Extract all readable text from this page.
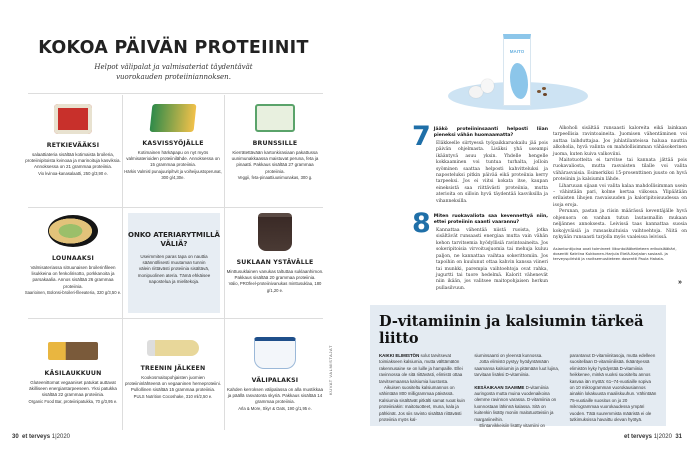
KOKOA PÄIVÄN PROTEIINIT
Helpot välipalat ja valmisateriat täydentävät
vuorokauden proteiiniannoksen.
RETKIEVÄÄKSI

salaattiateria sisältää kotimaista broileria, proteiinipitoista kvinoaa ja marinoituja kasviksia. Annoksessa on 21 grammaa proteiinia.

Vio kvinoa-kanasalaatti, 250 g/3,90 e.

KASVISSYÖJÄLLE

Kotimainen härkäpapu on nyt myös valmisaterioiden proteiinilähde. Annoksessa on 15 grammaa proteiinia.

Härkis Valmisl punajuuripihvit ja voiheijuustoperunat, 300 g/4,30e.

BRUNSSILLE

Kierrätettävään kartonkirasiaan pakattussa uunimunakkaassa maistuvat peruna, feta ja pinaatti. Pakkaus sisältää 27 grammaa proteiinia.

Veggii, feta-pinaattiuunimunakas, 300 g.

LOUNAAKSI

Valmisateriassa sitruunaisen broilerinfileen lisukkeina on fenkolirisotto, porkkanoita ja parsakaalia. Annos sisältää 26 grammaa proteiinia.

Saarioinen, Bolonsi-broileri-fileeateria, 320 g/3,50 e.

ONKO ATERIARYTMILLÄ VÄLIÄ?

Useimmiten paras tapa on nauttia säännöllisesti muutaman tunnin välein riittävästi proteiinia sisältävä, monipuolinen ateria. Tämä ehkäisee napostelua ja mielitekoja.

SUKLAAN YSTÄVÄLLE

Minttusuklainen vanukas taltuttaa suklaanhimon. Pakkaus sisältää 20 grammaa proteiinia.

Valio, PROfeel-proteiinivanukas minttusuklaa, 180 g/1,20 e.

KÄSILAUKKUUN

Gluteenittomat vegaaniset patukat auttavat äkilliseen energiantarpeeseen. Yksi patukka sisältää 22 grammaa proteiinia.

Organic Food Bar, proteiinipatukka, 70 g/3,95 e.

TREENIN JÄLKEEN

Kookosmaitopohjaisten juomien proteiininlähteenä on vegaaninen herneproteiini. Pullollinen sisältää 15 grammaa proteiinia.

PULS Nutrition Cocoshake, 310 ml/2,50 e.

VÄLIPALAKSI

Kahden kerroksen välipalassa on alla mustikkaa ja päällä rasvatonta skyriä. Pakkaus sisältää 14 grammaa proteiinia.

Arla & More, Skyr & Oats, 190 g/1,95 e.

KUVAT VALMISTAJAT
30 et terveys 1|2020
MAITO
7 Jääkö proteiininsaanti helposti liian pieneksi vähän huomaamatta?
Eläkkeelle siirtyessä työpaikkaruokailu jää pois päivän ohjelmasta. Lisäksi yhä useampi ikääntyvä asuu yksin. Yhdelle hengelle kokkaaminen voi tuntua turhalta, jolloin syöminen saattaa helposti kahvitteluksi ja naposteluksi pitkin päivää eikä proteiinia kerry tarpeeksi. Jos ei viitsi kokata itse, kaupan eineksistä saa riittävästi proteiinia, mutta aterioita on silloin hyvä täydentää kasviksilla ja vihanneksilla.
8 Miten ruokavaliota saa kevennettyä niin, ettei proteiinin saanti vaarannu?
Kannattaa vähentää niistä ruoista, jotka sisältävät runsaasti energiaa mutta vain vähän kehon tarvitsemia hyödyllisiä ravintoaineita. Jos sokeripitoisia virvoitusjuomia tai mehuja kuluu paljon, ne kannattaa vaihtaa sokerittomiin. Jos tapoihin on kuulunut ottaa kahvin kanssa viineri tai munkki, parempia vaihtoehtoja ovat rahka, jugurtti tai tuore hedelmä. Kalorit vähenevät niin ikään, jos valitsee maitopohjaisen herkun pullasilvuun.

Alkoholi sisältää runsaasti kaloreita eikä lainkaan tarpeellisia ravintoaineita. Juomisen vähentäminen voi auttaa laihduttajaa. Jos juhlatilanteissa haluaa nauttia alkoholia, hyvä valinta on mahdollisimman vähäsokerinen juoma, kuten kuiva valkoviini.

Maitotuotteita ei tarvitse tai kannata jättää pois ruokavaliosta, mutta rasvaisten tilalle voi valita vähärasvaisia. Esimerkiksi 15-prosenttinen juusto on hyvä proteiinin ja kalsiumin lähde.

Liharuuan sijaan voi valita kalaa mahdollisimman usein – vähintään pari, kolme kertaa viikossa. Ylipäätään erilaisten lihojen rasvaisuuden ja kaloripitoisuudessa on isoja eroja.

Perunan, pastan ja riisin määrässä keventäjälle hyvä ohjenuora on vanhan tutun lautasmallin mukaan neljännes annoksesta. Leivissä taas kannattaa suosia kokojyväisiä ja runsaskuituisia vaihtoehtoja. Niitä on nykyään runsaasti tarjolla myös vaaleissa leivissä.

Asiantuntijoina ovat toimineet liikuntolääketieteen erikoislääkäri, dosentti Katriina Kukkonen-Harjula Etelä-Karjalan sosiaali- ja terveyspiiristä ja ravitsemustieteen dosentti Paula Hakala.
»
D-vitamiinin ja kalsiumin tärkeä liitto

KAIKKI ELIMISTÖN solut tarvitsevat toimiakseen kalsiumia, mutta välttämätön rakennusaine se on luille ja hampaille. Ellei ravinnossa ole sitä riittävästi, elimistö ottaa tarvitsemaansa kalsiumia luustosta.

Aikuisen suositeltu kalsiumannos on vähintään 800 milligrammaa päivässä. Kalsiumia sisältävät pitkälti samat ruoat kuin proteiiniakin: maitotuotteet, muna, kala ja pähkinät. Jos siis ravinto sisältää riittävästi proteiinia myös kal-

siuminsaanti on yleensä kunnossa.

Jotta elimistö pystyy hyödyntämään saamansa kalsiumin ja pitämään luut lujina, tarvitaan lisäksi D-vitamiinia.

KESÄAIKAAN SAAMME D-vitamiinia auringosta mutta muina vuodenaikoina olemme ravinnon varassa. D-vitamiinia on luonnostaan lähinnä kalassa. Sitä on kuitenkin lisätty moniin maitotuotteisiin ja margariineihin.

Elintarvikkeisiin lisätty vitamiini on

parantanut D-vitamiinitasoja, mutta edelleen suositellaan D-vitamiinilisää. Ikääntyessä elimistön kyky hyödyntää D-vitamiinia heikkenee, minkä vuoksi suositeltu annos kasvaa iän myötä: 61–74-vuotiaille sopiva on 10 mikrogramman vuorokausiannos ainakin lokakuusta maaliskuuhun. Vähintään 75-vuotiaille suositus on jo 20 mikrogrammaa vuorokaudessa ympäri vuoden. Tätä suuremmista määristä ei ole tutkimuksissa havaittu olevan hyötyä.

et terveys 1|2020 31
